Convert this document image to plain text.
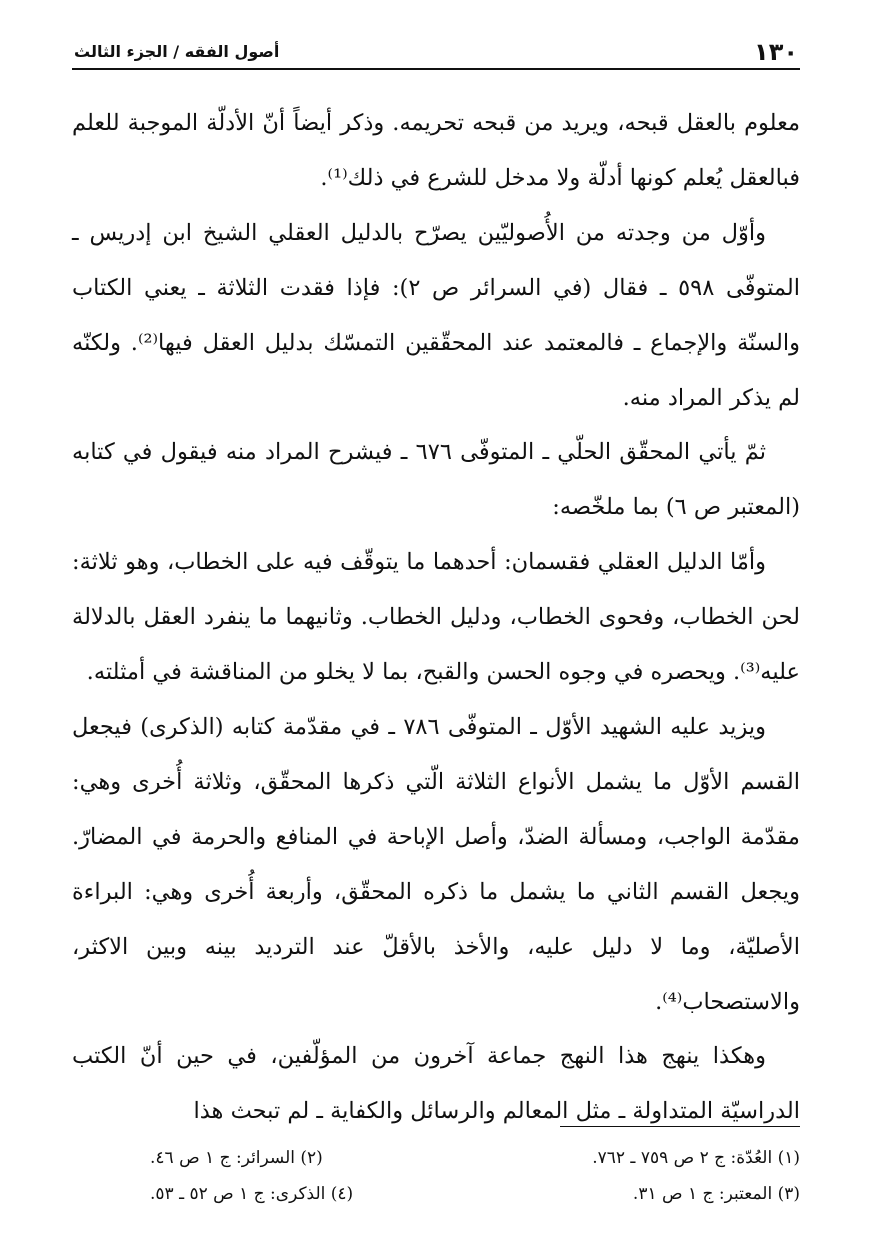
١٣٠
أصول الفقه / الجزء الثالث

معلوم بالعقل قبحه، ويريد من قبحه تحريمه. وذكر أيضاً أنّ الأدلّة الموجبة للعلم فبالعقل يُعلم كونها أدلّة ولا مدخل للشرع في ذلك⁽¹⁾.

وأوّل من وجدته من الأُصوليّين يصرّح بالدليل العقلي الشيخ ابن إدريس ـ المتوفّى ٥٩٨ ـ فقال (في السرائر ص ٢): فإذا فقدت الثلاثة ـ يعني الكتاب والسنّة والإجماع ـ فالمعتمد عند المحقّقين التمسّك بدليل العقل فيها⁽²⁾. ولكنّه لم يذكر المراد منه.

ثمّ يأتي المحقّق الحلّي ـ المتوفّى ٦٧٦ ـ فيشرح المراد منه فيقول في كتابه (المعتبر ص ٦) بما ملخّصه:

وأمّا الدليل العقلي فقسمان: أحدهما ما يتوقّف فيه على الخطاب، وهو ثلاثة: لحن الخطاب، وفحوى الخطاب، ودليل الخطاب. وثانيهما ما ينفرد العقل بالدلالة عليه⁽³⁾. ويحصره في وجوه الحسن والقبح، بما لا يخلو من المناقشة في أمثلته.

ويزيد عليه الشهيد الأوّل ـ المتوفّى ٧٨٦ ـ في مقدّمة كتابه (الذكرى) فيجعل القسم الأوّل ما يشمل الأنواع الثلاثة الّتي ذكرها المحقّق، وثلاثة أُخرى وهي: مقدّمة الواجب، ومسألة الضدّ، وأصل الإباحة في المنافع والحرمة في المضارّ. ويجعل القسم الثاني ما يشمل ما ذكره المحقّق، وأربعة أُخرى وهي: البراءة الأصليّة، وما لا دليل عليه، والأخذ بالأقلّ عند الترديد بينه وبين الاكثر، والاستصحاب⁽⁴⁾.

وهكذا ينهج هذا النهج جماعة آخرون من المؤلّفين، في حين أنّ الكتب الدراسيّة المتداولة ـ مثل المعالم والرسائل والكفاية ـ لم تبحث هذا

(١) العُدّة: ج ٢ ص ٧٥٩ ـ ٧٦٢.
(٢) السرائر: ج ١ ص ٤٦.
(٣) المعتبر: ج ١ ص ٣١.
(٤) الذكرى: ج ١ ص ٥٢ ـ ٥٣.
